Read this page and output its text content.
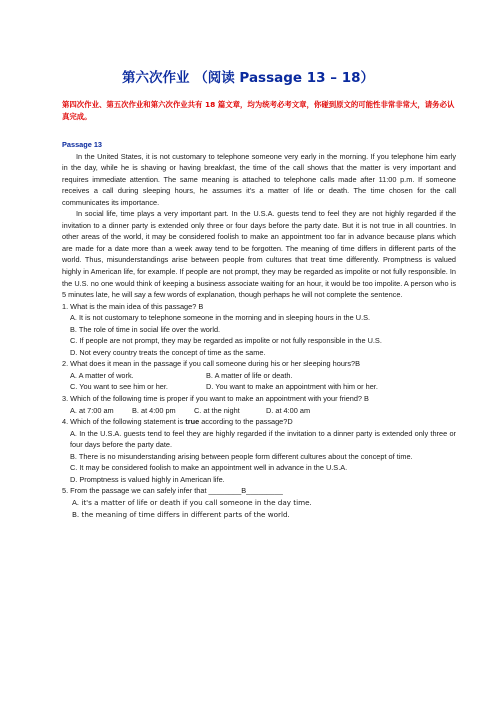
第六次作业 （阅读 Passage 13 – 18）
第四次作业、第五次作业和第六次作业共有 18 篇文章，均为统考必考文章，你碰到原文的可能性非常非常大，请务必认真完成。
Passage 13

In the United States, it is not customary to telephone someone very early in the morning. If you telephone him early in the day, while he is shaving or having breakfast, the time of the call shows that the matter is very important and requires immediate attention. The same meaning is attached to telephone calls made after 11:00 p.m. If someone receives a call during sleeping hours, he assumes it's a matter of life or death. The time chosen for the call communicates its importance.

In social life, time plays a very important part. In the U.S.A. guests tend to feel they are not highly regarded if the invitation to a dinner party is extended only three or four days before the party date. But it is not true in all countries. In other areas of the world, it may be considered foolish to make an appointment too far in advance because plans which are made for a date more than a week away tend to be forgotten. The meaning of time differs in different parts of the world. Thus, misunderstandings arise between people from cultures that treat time differently. Promptness is valued highly in American life, for example. If people are not prompt, they may be regarded as impolite or not fully responsible. In the U.S. no one would think of keeping a business associate waiting for an hour, it would be too impolite. A person who is 5 minutes late, he will say a few words of explanation, though perhaps he will not complete the sentence.

1. What is the main idea of this passage? B

A. It is not customary to telephone someone in the morning and in sleeping hours in the U.S.

B. The role of time in social life over the world.

C. If people are not prompt, they may be regarded as impolite or not fully responsible in the U.S.

D. Not every country treats the concept of time as the same.

2. What does it mean in the passage if you call someone during his or her sleeping hours?B

A. A matter of work.	B. A matter of life or death.
C. You want to see him or her.	D. You want to make an appointment with him or her.

3. Which of the following time is proper if you want to make an appointment with your friend? B

A. at 7:00 am	B. at 4:00 pm	C. at the night	D. at 4:00 am

4. Which of the following statement is true according to the passage?D

A. In the U.S.A. guests tend to feel they are highly regarded if the invitation to a dinner party is extended only three or four days before the party date.

B. There is no misunderstanding arising between people form different cultures about the concept of time.

C. It may be considered foolish to make an appointment well in advance in the U.S.A.

D. Promptness is valued highly in American life.

5. From the passage we can safely infer that ________B_________

A. it's a matter of life or death if you call someone in the day time.

B. the meaning of time differs in different parts of the world.
